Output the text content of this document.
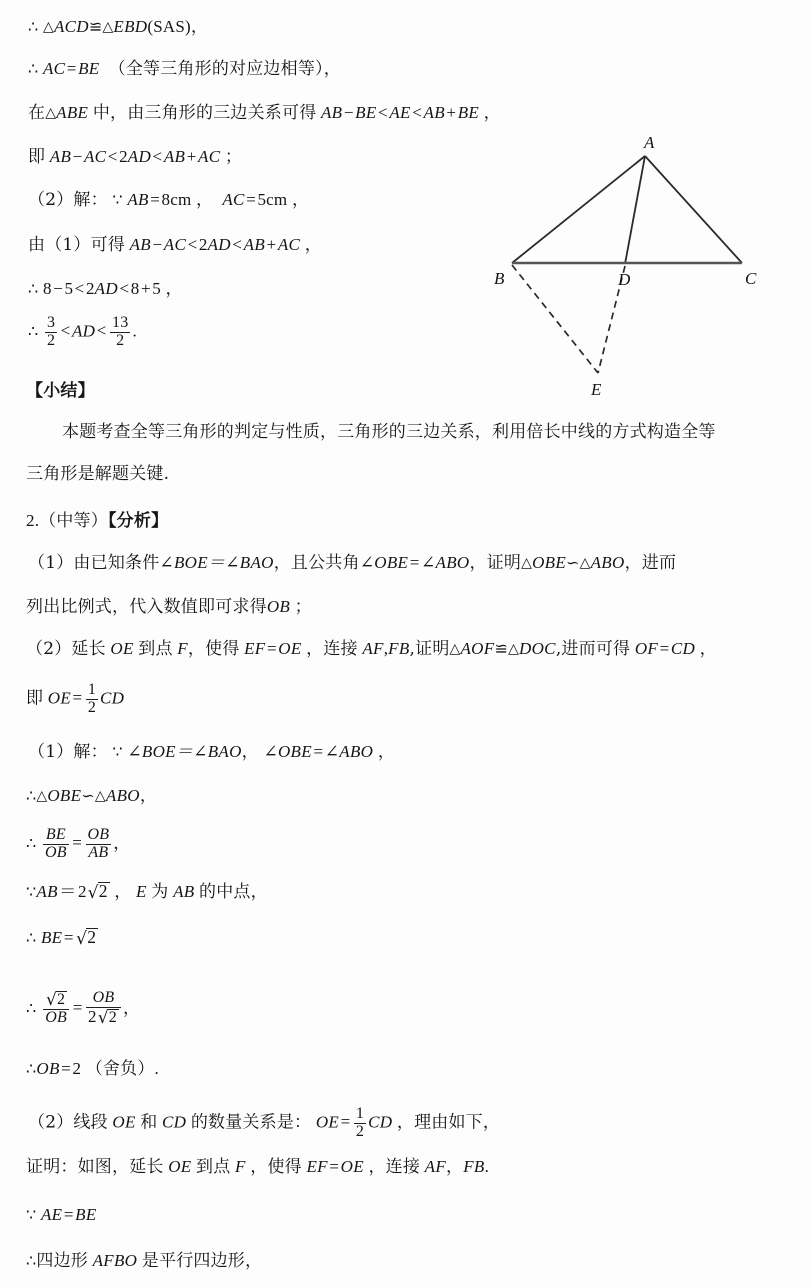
∴ △ACD≌△EBD(SAS)，
∴ AC=BE （全等三角形的对应边相等），
在△ABE 中，由三角形的三边关系可得 AB−BE<AE<AB+BE ，
即 AB−AC<2AD<AB+AC ；
（2）解： ∵ AB=8cm ， AC=5cm ，
由（1）可得 AB−AC<2AD<AB+AC ，
∴ 8−5<2AD<8+5 ，
∴ $\frac{3}{2} <AD< \frac{13}{2}$ .
【小结】
本题考查全等三角形的判定与性质，三角形的三边关系，利用倍长中线的方式构造全等
三角形是解题关键.
A
B	D	C
E
2.（中等）【分析】
（1）由已知条件∠BOE＝∠BAO，且公共角∠OBE=∠ABO，证明△OBE∽△ABO，进而
列出比例式，代入数值即可求得OB ；
（2）延长 OE 到点 F，使得 EF=OE ，连接 AF,FB,证明△AOF≌△DOC,进而可得 OF=CD ，
即 $OE= \frac{1}{2}$ CD
（1）解： ∵ ∠BOE＝∠BAO， ∠OBE=∠ABO ，
∴△OBE∽△ABO，
∴ $\frac{BE}{OB} = \frac{OB}{AB}$ ，
∵AB＝2√2 ， E 为 AB 的中点，
∴ BE= √2
∴ $\frac{√2}{OB} = \frac{OB}{2√2}$ ，
∴OB=2 （舍负）.
（2）线段 OE 和 CD 的数量关系是： $OE= \frac{1}{2}$ CD ，理由如下，
证明：如图，延长 OE 到点 F ，使得 EF=OE ，连接 AF，FB.
∵ AE=BE
∴四边形 AFBO 是平行四边形，
